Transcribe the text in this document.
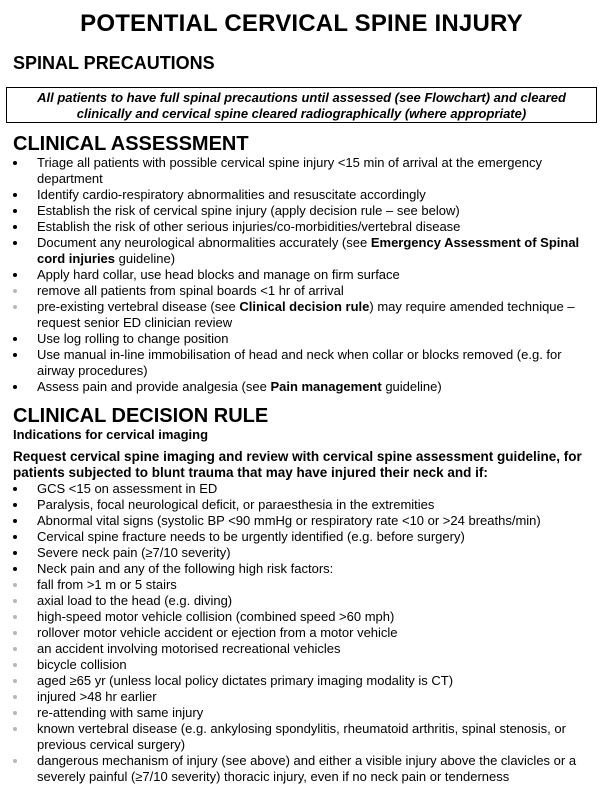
POTENTIAL CERVICAL SPINE INJURY
SPINAL PRECAUTIONS
All patients to have full spinal precautions until assessed (see Flowchart) and cleared clinically and cervical spine cleared radiographically (where appropriate)
CLINICAL ASSESSMENT
Triage all patients with possible cervical spine injury <15 min of arrival at the emergency department
Identify cardio-respiratory abnormalities and resuscitate accordingly
Establish the risk of cervical spine injury (apply decision rule – see below)
Establish the risk of other serious injuries/co-morbidities/vertebral disease
Document any neurological abnormalities accurately (see Emergency Assessment of Spinal cord injuries guideline)
Apply hard collar, use head blocks and manage on firm surface
remove all patients from spinal boards <1 hr of arrival
pre-existing vertebral disease (see Clinical decision rule) may require amended technique – request senior ED clinician review
Use log rolling to change position
Use manual in-line immobilisation of head and neck when collar or blocks removed (e.g. for airway procedures)
Assess pain and provide analgesia (see Pain management guideline)
CLINICAL DECISION RULE

Indications for cervical imaging

Request cervical spine imaging and review with cervical spine assessment guideline, for patients subjected to blunt trauma that may have injured their neck and if:

GCS <15 on assessment in ED
Paralysis, focal neurological deficit, or paraesthesia in the extremities
Abnormal vital signs (systolic BP <90 mmHg or respiratory rate <10 or >24 breaths/min)
Cervical spine fracture needs to be urgently identified (e.g. before surgery)
Severe neck pain (≥7/10 severity)
Neck pain and any of the following high risk factors:
fall from >1 m or 5 stairs
axial load to the head (e.g. diving)
high-speed motor vehicle collision (combined speed >60 mph)
rollover motor vehicle accident or ejection from a motor vehicle
an accident involving motorised recreational vehicles
bicycle collision
aged ≥65 yr (unless local policy dictates primary imaging modality is CT)
injured >48 hr earlier
re-attending with same injury
known vertebral disease (e.g. ankylosing spondylitis, rheumatoid arthritis, spinal stenosis, or previous cervical surgery)
dangerous mechanism of injury (see above) and either a visible injury above the clavicles or a severely painful (≥7/10 severity) thoracic injury, even if no neck pain or tenderness
